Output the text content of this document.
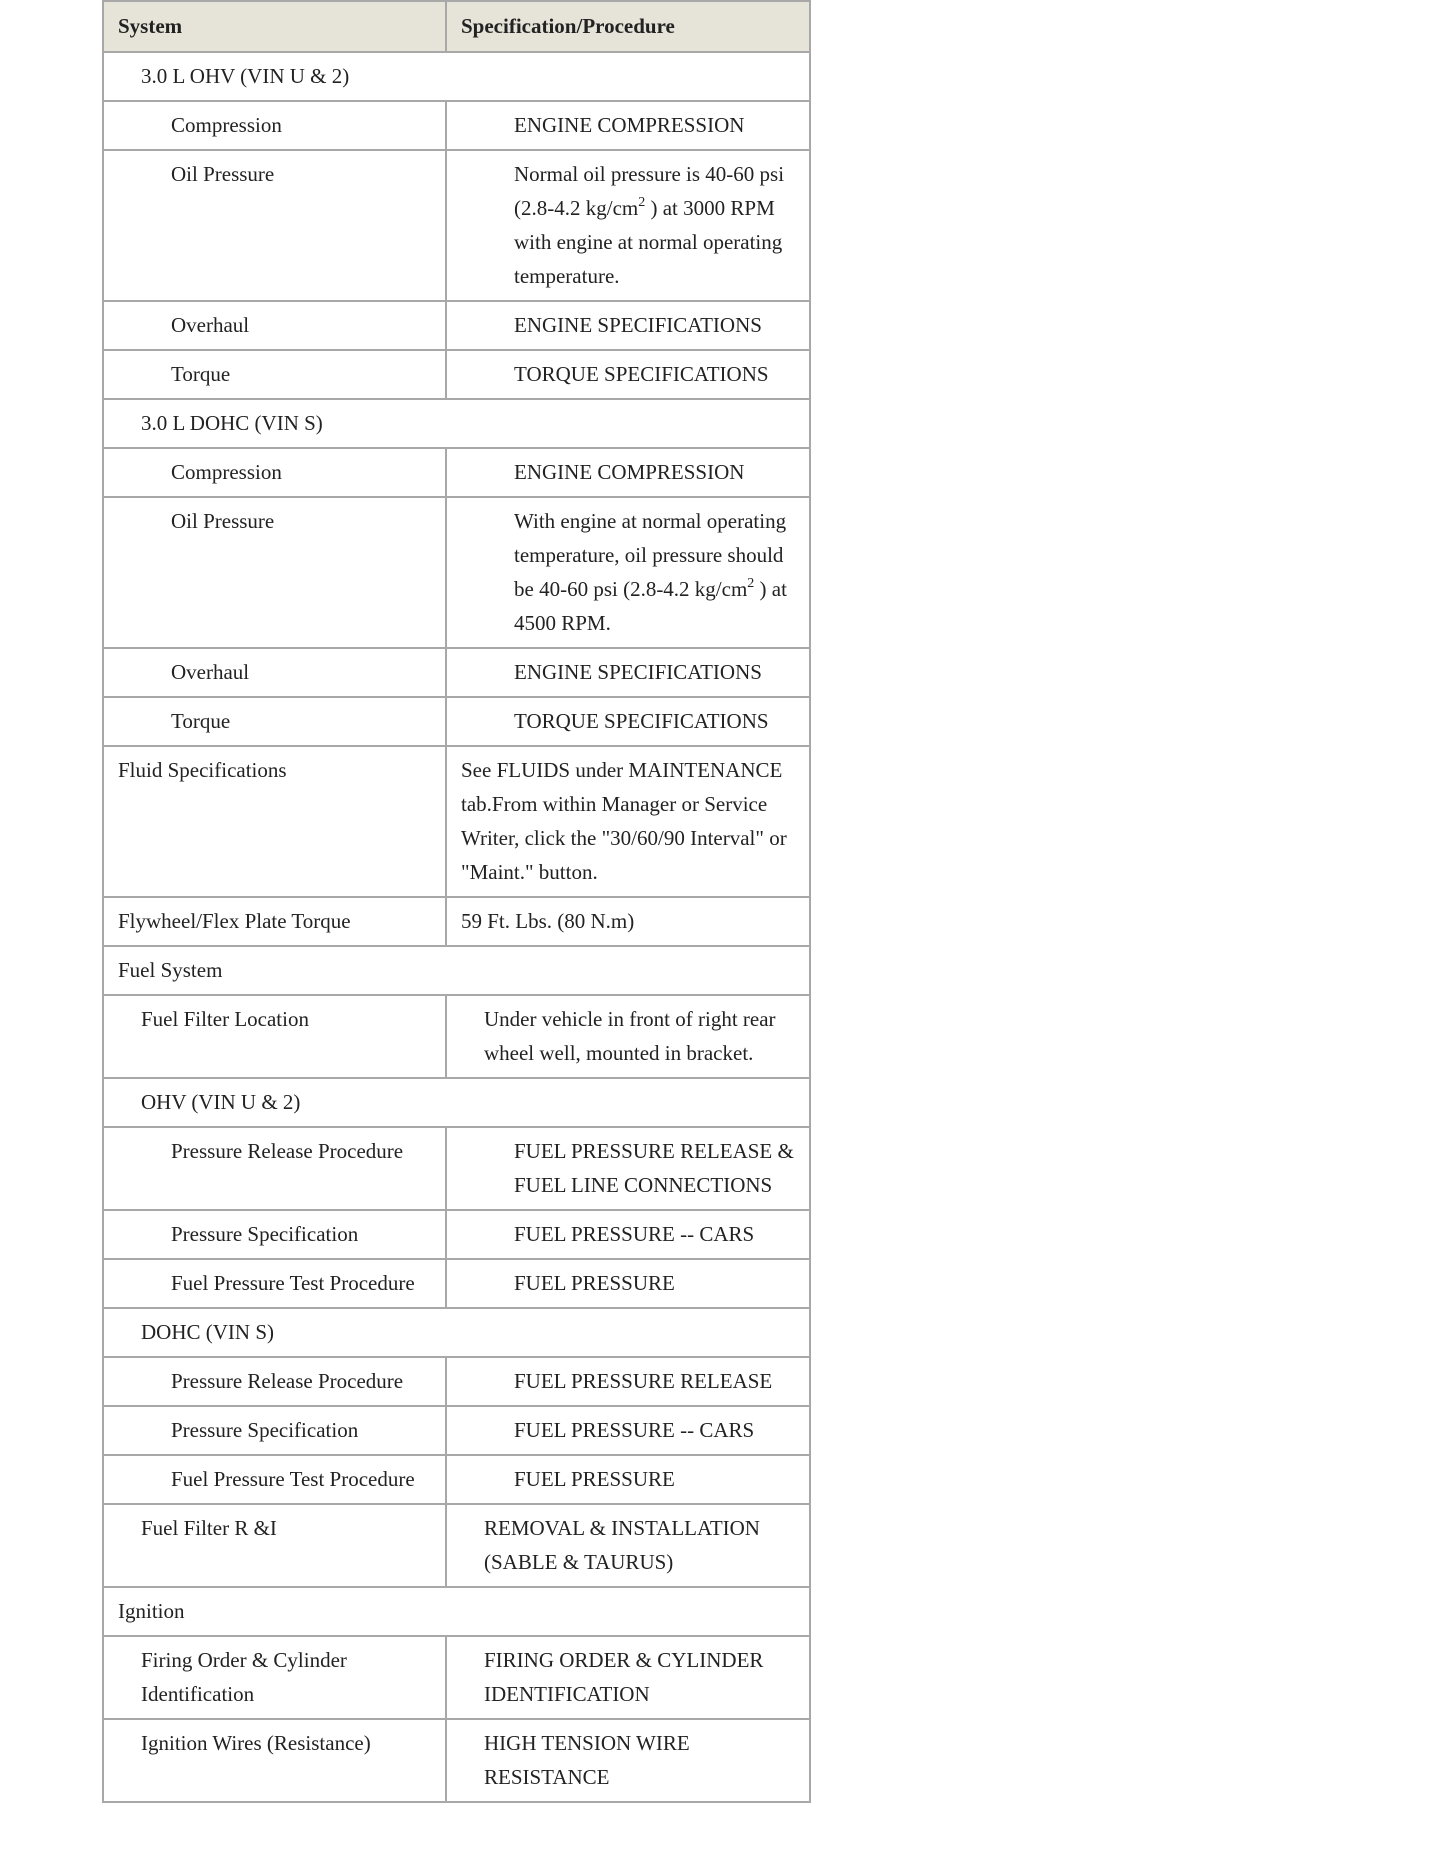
System	Specification/Procedure
3.0 L OHV (VIN U & 2)	
Compression	ENGINE COMPRESSION
Oil Pressure	Normal oil pressure is 40-60 psi (2.8-4.2 $kg/cm^2$ ) at 3000 RPM with engine at normal operating temperature.
Overhaul	ENGINE SPECIFICATIONS
Torque	TORQUE SPECIFICATIONS
3.0 L DOHC (VIN S)	
Compression	ENGINE COMPRESSION
Oil Pressure	With engine at normal operating temperature, oil pressure should be 40-60 psi (2.8-4.2 $kg/cm^2$ ) at 4500 RPM.
Overhaul	ENGINE SPECIFICATIONS
Torque	TORQUE SPECIFICATIONS
Fluid Specifications	See FLUIDS under MAINTENANCE tab.From within Manager or Service Writer, click the "30/60/90 Interval" or "Maint." button.
Flywheel/Flex Plate Torque	59 Ft. Lbs. (80 N.m)
Fuel System	
Fuel Filter Location	Under vehicle in front of right rear wheel well, mounted in bracket.
OHV (VIN U & 2)	
Pressure Release Procedure	FUEL PRESSURE RELEASE & FUEL LINE CONNECTIONS
Pressure Specification	FUEL PRESSURE -- CARS
Fuel Pressure Test Procedure	FUEL PRESSURE
DOHC (VIN S)	
Pressure Release Procedure	FUEL PRESSURE RELEASE
Pressure Specification	FUEL PRESSURE -- CARS
Fuel Pressure Test Procedure	FUEL PRESSURE
Fuel Filter R &I	REMOVAL & INSTALLATION (SABLE & TAURUS)
Ignition	
Firing Order & Cylinder Identification	FIRING ORDER & CYLINDER IDENTIFICATION
Ignition Wires (Resistance)	HIGH TENSION WIRE RESISTANCE
